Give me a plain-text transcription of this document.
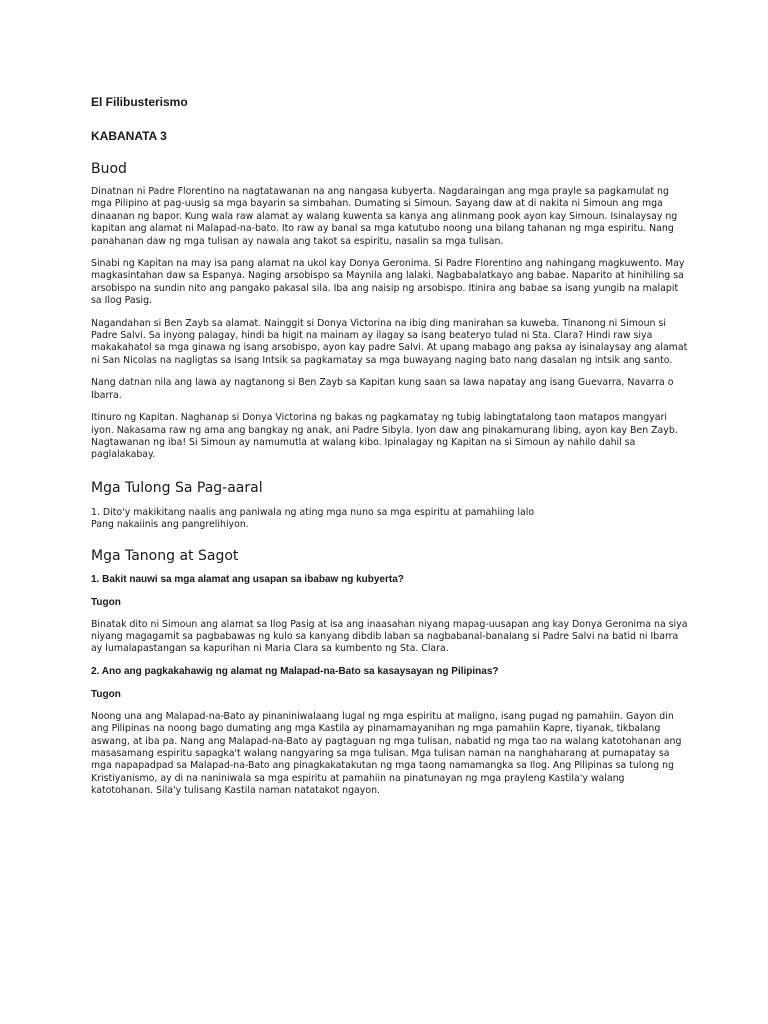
El Filibusterismo
KABANATA 3
Buod

Dinatnan ni Padre Florentino na nagtatawanan na ang nangasa kubyerta. Nagdaraingan ang mga prayle sa pagkamulat ng mga Pilipino at pag-uusig sa mga bayarin sa simbahan. Dumating si Simoun. Sayang daw at di nakita ni Simoun ang mga dinaanan ng bapor. Kung wala raw alamat ay walang kuwenta sa kanya ang alinmang pook ayon kay Simoun. Isinalaysay ng kapitan ang alamat ni Malapad-na-bato. Ito raw ay banal sa mga katutubo noong una bilang tahanan ng mga espiritu. Nang panahanan daw ng mga tulisan ay nawala ang takot sa espiritu, nasalin sa mga tulisan.

Sinabi ng Kapitan na may isa pang alamat na ukol kay Donya Geronima. Si Padre Florentino ang nahingang magkuwento. May magkasintahan daw sa Espanya. Naging arsobispo sa Maynila ang lalaki. Nagbabalatkayo ang babae. Naparito at hinihiling sa arsobispo na sundin nito ang pangako pakasal sila. Iba ang naisip ng arsobispo. Itinira ang babae sa isang yungib na malapit sa Ilog Pasig.

Nagandahan si Ben Zayb sa alamat. Nainggit si Donya Victorina na ibig ding manirahan sa kuweba. Tinanong ni Simoun si Padre Salvi. Sa inyong palagay, hindi ba higit na mainam ay ilagay sa isang beateryo tulad ni Sta. Clara? Hindi raw siya makakahatol sa mga ginawa ng isang arsobispo, ayon kay padre Salvi. At upang mabago ang paksa ay isinalaysay ang alamat ni San Nicolas na nagligtas sa isang Intsik sa pagkamatay sa mga buwayang naging bato nang dasalan ng intsik ang santo.

Nang datnan nila ang lawa ay nagtanong si Ben Zayb sa Kapitan kung saan sa lawa napatay ang isang Guevarra, Navarra o Ibarra.

Itinuro ng Kapitan. Naghanap si Donya Victorina ng bakas ng pagkamatay ng tubig labingtatalong taon matapos mangyari iyon. Nakasama raw ng ama ang bangkay ng anak, ani Padre Sibyla. Iyon daw ang pinakamurang libing, ayon kay Ben Zayb. Nagtawanan ng iba! Si Simoun ay namumutla at walang kibo. Ipinalagay ng Kapitan na si Simoun ay nahilo dahil sa paglalakabay.

Mga Tulong Sa Pag-aaral

1. Dito'y makikitang naalis ang paniwala ng ating mga nuno sa mga espiritu at pamahiing lalo
Pang nakaiinis ang pangrelihiyon.

Mga Tanong at Sagot
1. Bakit nauwi sa mga alamat ang usapan sa ibabaw ng kubyerta?
Tugon

Binatak dito ni Simoun ang alamat sa Ilog Pasig at isa ang inaasahan niyang mapag-uusapan ang kay Donya Geronima na siya niyang magagamit sa pagbabawas ng kulo sa kanyang dibdib laban sa nagbabanal-banalang si Padre Salvi na batid ni Ibarra ay lumalapastangan sa kapurihan ni Maria Clara sa kumbento ng Sta. Clara.

2. Ano ang pagkakahawig ng alamat ng Malapad-na-Bato sa kasaysayan ng Pilipinas?
Tugon

Noong una ang Malapad-na-Bato ay pinaniniwalaang lugal ng mga espiritu at maligno, isang pugad ng pamahiin. Gayon din ang Pilipinas na noong bago dumating ang mga Kastila ay pinamamayanihan ng mga pamahiin Kapre, tiyanak, tikbalang aswang, at iba pa. Nang ang Malapad-na-Bato ay pagtaguan ng mga tulisan, nabatid ng mga tao na walang katotohanan ang masasamang espiritu sapagka't walang nangyaring sa mga tulisan. Mga tulisan naman na nanghaharang at pumapatay sa mga napapadpad sa Malapad-na-Bato ang pinagkakatakutan ng mga taong namamangka sa Ilog. Ang Pilipinas sa tulong ng Kristiyanismo, ay di na naniniwala sa mga espiritu at pamahiin na pinatunayan ng mga prayleng Kastila'y walang katotohanan. Sila'y tulisang Kastila naman natatakot ngayon.
